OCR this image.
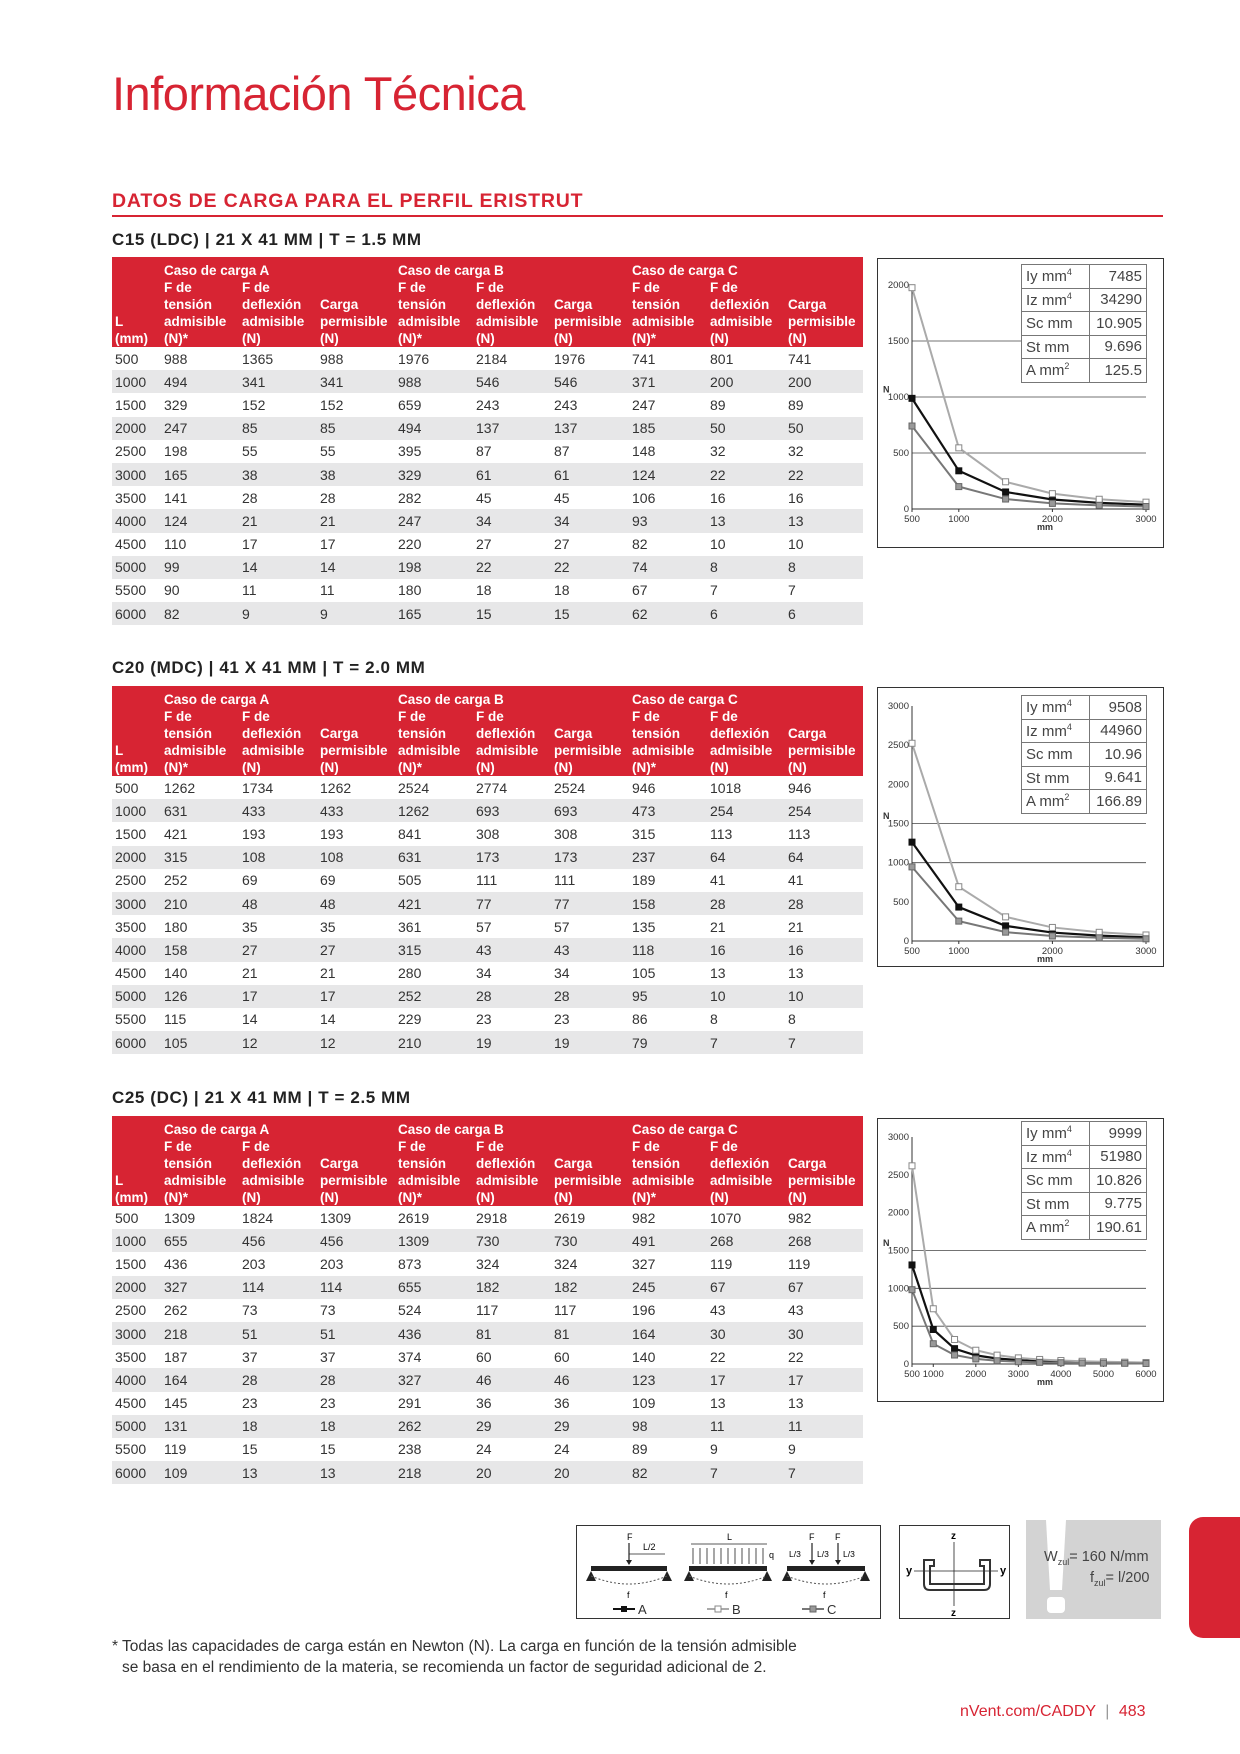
Información Técnica
DATOS DE CARGA PARA EL PERFIL ERISTRUT
C15 (LDC) | 21 X 41 MM | T = 1.5 MM
C20 (MDC) | 41 X 41 MM | T = 2.0 MM
C25 (DC) | 21 X 41 MM | T = 2.5 MM
	Caso de carga A			Caso de carga B			Caso de carga C		
	F de	F de		F de	F de		F de	F de	
	tensión	deflexión	Carga	tensión	deflexión	Carga	tensión	deflexión	Carga
L	admisible	admisible	permisible	admisible	admisible	permisible	admisible	admisible	permisible
(mm)	(N)*	(N)	(N)	(N)*	(N)	(N)	(N)*	(N)	(N)
500	988	1365	988	1976	2184	1976	741	801	741
1000	494	341	341	988	546	546	371	200	200
1500	329	152	152	659	243	243	247	89	89
2000	247	85	85	494	137	137	185	50	50
2500	198	55	55	395	87	87	148	32	32
3000	165	38	38	329	61	61	124	22	22
3500	141	28	28	282	45	45	106	16	16
4000	124	21	21	247	34	34	93	13	13
4500	110	17	17	220	27	27	82	10	10
5000	99	14	14	198	22	22	74	8	8
5500	90	11	11	180	18	18	67	7	7
6000	82	9	9	165	15	15	62	6	6
	Caso de carga A			Caso de carga B			Caso de carga C		
	F de	F de		F de	F de		F de	F de	
	tensión	deflexión	Carga	tensión	deflexión	Carga	tensión	deflexión	Carga
L	admisible	admisible	permisible	admisible	admisible	permisible	admisible	admisible	permisible
(mm)	(N)*	(N)	(N)	(N)*	(N)	(N)	(N)*	(N)	(N)
500	1262	1734	1262	2524	2774	2524	946	1018	946
1000	631	433	433	1262	693	693	473	254	254
1500	421	193	193	841	308	308	315	113	113
2000	315	108	108	631	173	173	237	64	64
2500	252	69	69	505	111	111	189	41	41
3000	210	48	48	421	77	77	158	28	28
3500	180	35	35	361	57	57	135	21	21
4000	158	27	27	315	43	43	118	16	16
4500	140	21	21	280	34	34	105	13	13
5000	126	17	17	252	28	28	95	10	10
5500	115	14	14	229	23	23	86	8	8
6000	105	12	12	210	19	19	79	7	7
	Caso de carga A			Caso de carga B			Caso de carga C		
	F de	F de		F de	F de		F de	F de	
	tensión	deflexión	Carga	tensión	deflexión	Carga	tensión	deflexión	Carga
L	admisible	admisible	permisible	admisible	admisible	permisible	admisible	admisible	permisible
(mm)	(N)*	(N)	(N)	(N)*	(N)	(N)	(N)*	(N)	(N)
500	1309	1824	1309	2619	2918	2619	982	1070	982
1000	655	456	456	1309	730	730	491	268	268
1500	436	203	203	873	324	324	327	119	119
2000	327	114	114	655	182	182	245	67	67
2500	262	73	73	524	117	117	196	43	43
3000	218	51	51	436	81	81	164	30	30
3500	187	37	37	374	60	60	140	22	22
4000	164	28	28	327	46	46	123	17	17
4500	145	23	23	291	36	36	109	13	13
5000	131	18	18	262	29	29	98	11	11
5500	119	15	15	238	24	24	89	9	9
6000	109	13	13	218	20	20	82	7	7
0
500
1000
1500
2000
500	1000	2000	3000
N
mm
Iy $mm^4$	7485
Iz $mm^4$	34290
Sc mm	10.905
St mm	9.696
A $mm^2$	125.5
0
500
1000
1500
2000
2500
3000
500	1000	2000	3000
N
mm
Iy $mm^4$	9508
Iz $mm^4$	44960
Sc mm	10.96
St mm	9.641
A $mm^2$	166.89
0
500
1000
1500
2000
2500
3000
500 1000 2000 3000 4000 5000 6000
N
mm
Iy $mm^4$	9999
Iz $mm^4$	51980
Sc mm	10.826
St mm	9.775
A $mm^2$	190.61
F
L/2
f
L
q
f
F F
L/3 L/3 L/3
f
A	B	C
z
z
y	y
$W_{zul}= 160$ N/mm
$f_{zul}= l/200$
* Todas las capacidades de carga están en Newton (N). La carga en función de la tensión admisible
se basa en el rendimiento de la materia, se recomienda un factor de seguridad adicional de 2.
nVent.com/CADDY | 483
